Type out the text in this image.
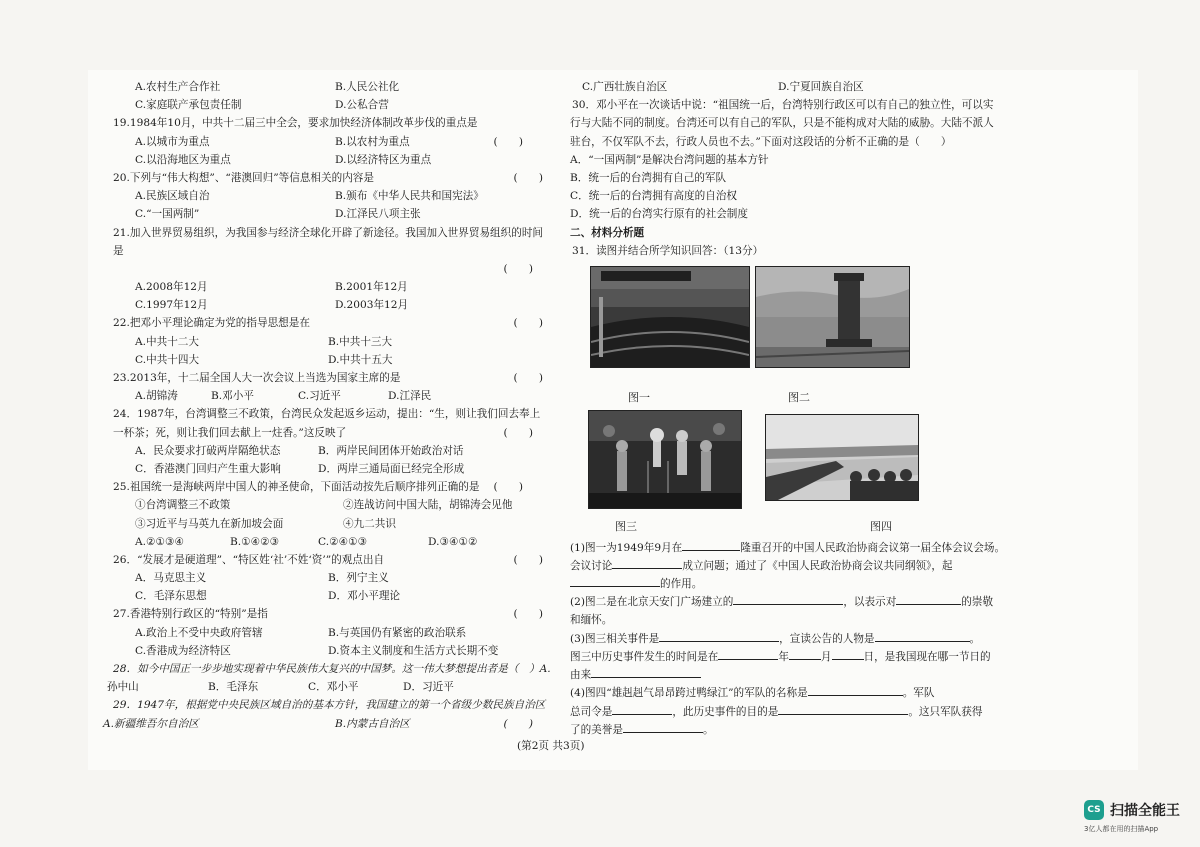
A.农村生产合作社	B.人民公社化
C.家庭联产承包责任制	D.公私合营
19.1984年10月，中共十二届三中全会，要求加快经济体制改革步伐的重点是
A.以城市为重点	B.以农村为重点	(　　)
C.以沿海地区为重点	D.以经济特区为重点
20.下列与“伟大构想”、“港澳回归”等信息相关的内容是	(　　)
A.民族区域自治	B.颁布《中华人民共和国宪法》
C.“一国两制”	D.江泽民八项主张
21.加入世界贸易组织，为我国参与经济全球化开辟了新途径。我国加入世界贸易组织的时间是
(　　)
A.2008年12月	B.2001年12月
C.1997年12月	D.2003年12月
22.把邓小平理论确定为党的指导思想是在	(　　)
A.中共十二大	B.中共十三大
C.中共十四大	D.中共十五大
23.2013年，十二届全国人大一次会议上当选为国家主席的是	(　　)
A.胡锦涛	B.邓小平	C.习近平	D.江泽民
24．1987年，台湾调整三不政策，台湾民众发起返乡运动，提出：“生，则让我们回去奉上
一杯茶；死，则让我们回去献上一炷香。”这反映了	(　　)
A．民众要求打破两岸隔绝状态	B．两岸民间团体开始政治对话
C．香港澳门回归产生重大影响	D．两岸三通局面已经完全形成
25.祖国统一是海峡两岸中国人的神圣使命，下面活动按先后顺序排列正确的是 (　　)
①台湾调整三不政策	②连战访问中国大陆，胡锦涛会见他
③习近平与马英九在新加坡会面	④九二共识
A.②①③④	B.①④②③	C.②④①③	D.③④①②
26．“发展才是硬道理”、“特区姓‘社’不姓‘资’”的观点出自	(　　)
A．马克思主义	B．列宁主义
C．毛泽东思想	D．邓小平理论
27.香港特别行政区的“特别”是指	(　　)
A.政治上不受中央政府管辖	B.与英国仍有紧密的政治联系
C.香港成为经济特区	D.资本主义制度和生活方式长期不变
28．如今中国正一步步地实现着中华民族伟大复兴的中国梦。这一伟大梦想提出者是（　）A.
孙中山	B．毛泽东	C．邓小平	D．习近平
29．1947年，根据党中央民族区域自治的基本方针，我国建立的第一个省级少数民族自治区
A.新疆维吾尔自治区	B.内蒙古自治区	(　　)
C.广西壮族自治区	D.宁夏回族自治区
30．邓小平在一次谈话中说：“祖国统一后，台湾特别行政区可以有自己的独立性，可以实
行与大陆不同的制度。台湾还可以有自己的军队，只是不能构成对大陆的威胁。大陆不派人
驻台，不仅军队不去，行政人员也不去。”下面对这段话的分析不正确的是（　　）
A．“一国两制”是解决台湾问题的基本方针
B．统一后的台湾拥有自己的军队
C．统一后的台湾拥有高度的自治权
D．统一后的台湾实行原有的社会制度
二、材料分析题
31．读图并结合所学知识回答：（13分）
图一	图二
图三	图四
(1)图一为1949年9月在	隆重召开的中国人民政治协商会议第一届全体会议会场。
会议讨论	成立问题；通过了《中国人民政治协商会议共同纲领》，起
的作用。
(2)图二是在北京天安门广场建立的	，以表示对	的崇敬
和缅怀。
(3)图三相关事件是	，宣读公告的人物是	。
图三中历史事件发生的时间是在	年	月	日，是我国现在哪一节日的
由来
(4)图四“雄赳赳气昂昂跨过鸭绿江”的军队的名称是	。军队
总司令是	，此历史事件的目的是	。这只军队获得
了的美誉是	。
(第2页 共3页)
CS 扫描全能王
3亿人都在用的扫描App
